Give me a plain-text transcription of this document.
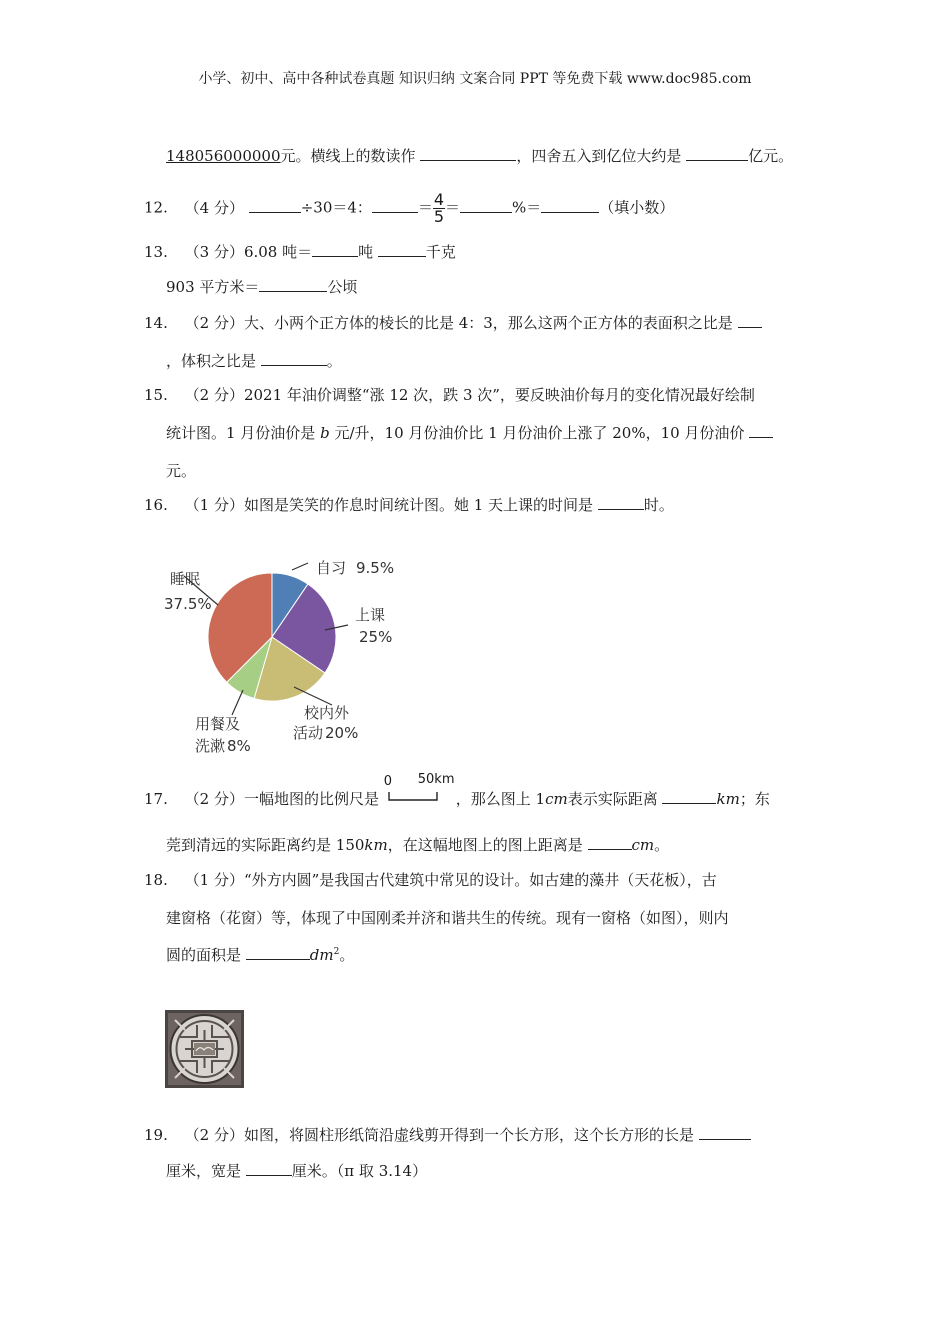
小学、初中、高中各种试卷真题 知识归纳 文案合同 PPT 等免费下载 www.doc985.com
148056000000元。横线上的数读作	，四舍五入到亿位大约是	亿元。
12. （4 分）	÷30＝4：	＝ $\frac{4}{5}$ ＝	%＝	（填小数）
13. （3 分）6.08 吨＝	吨	千克
903 平方米＝	公顷
14. （2 分）大、小两个正方体的棱长的比是 4：3，那么这两个正方体的表面积之比是
，体积之比是	。
15. （2 分）2021 年油价调整“涨 12 次，跌 3 次”，要反映油价每月的变化情况最好绘制
统计图。1 月份油价是 b 元/升，10 月份油价比 1 月份油价上涨了 20%，10 月份油价
元。
16. （1 分）如图是笑笑的作息时间统计图。她 1 天上课的时间是	时。
睡眠
37.5%
自习 9.5%
上课
25%
校内外
活动 20%
用餐及
洗漱 8%
17. （2 分）一幅地图的比例尺是
0 50km
，那么图上 1cm表示实际距离	km；东
莞到清远的实际距离约是 150km，在这幅地图上的图上距离是	cm。
18. （1 分）“外方内圆”是我国古代建筑中常见的设计。如古建的藻井（天花板），古
建窗格（花窗）等，体现了中国刚柔并济和谐共生的传统。现有一窗格（如图），则内
圆的面积是	$dm^2$。
19. （2 分）如图，将圆柱形纸筒沿虚线剪开得到一个长方形，这个长方形的长是
厘米，宽是	厘米。（π 取 3.14）
